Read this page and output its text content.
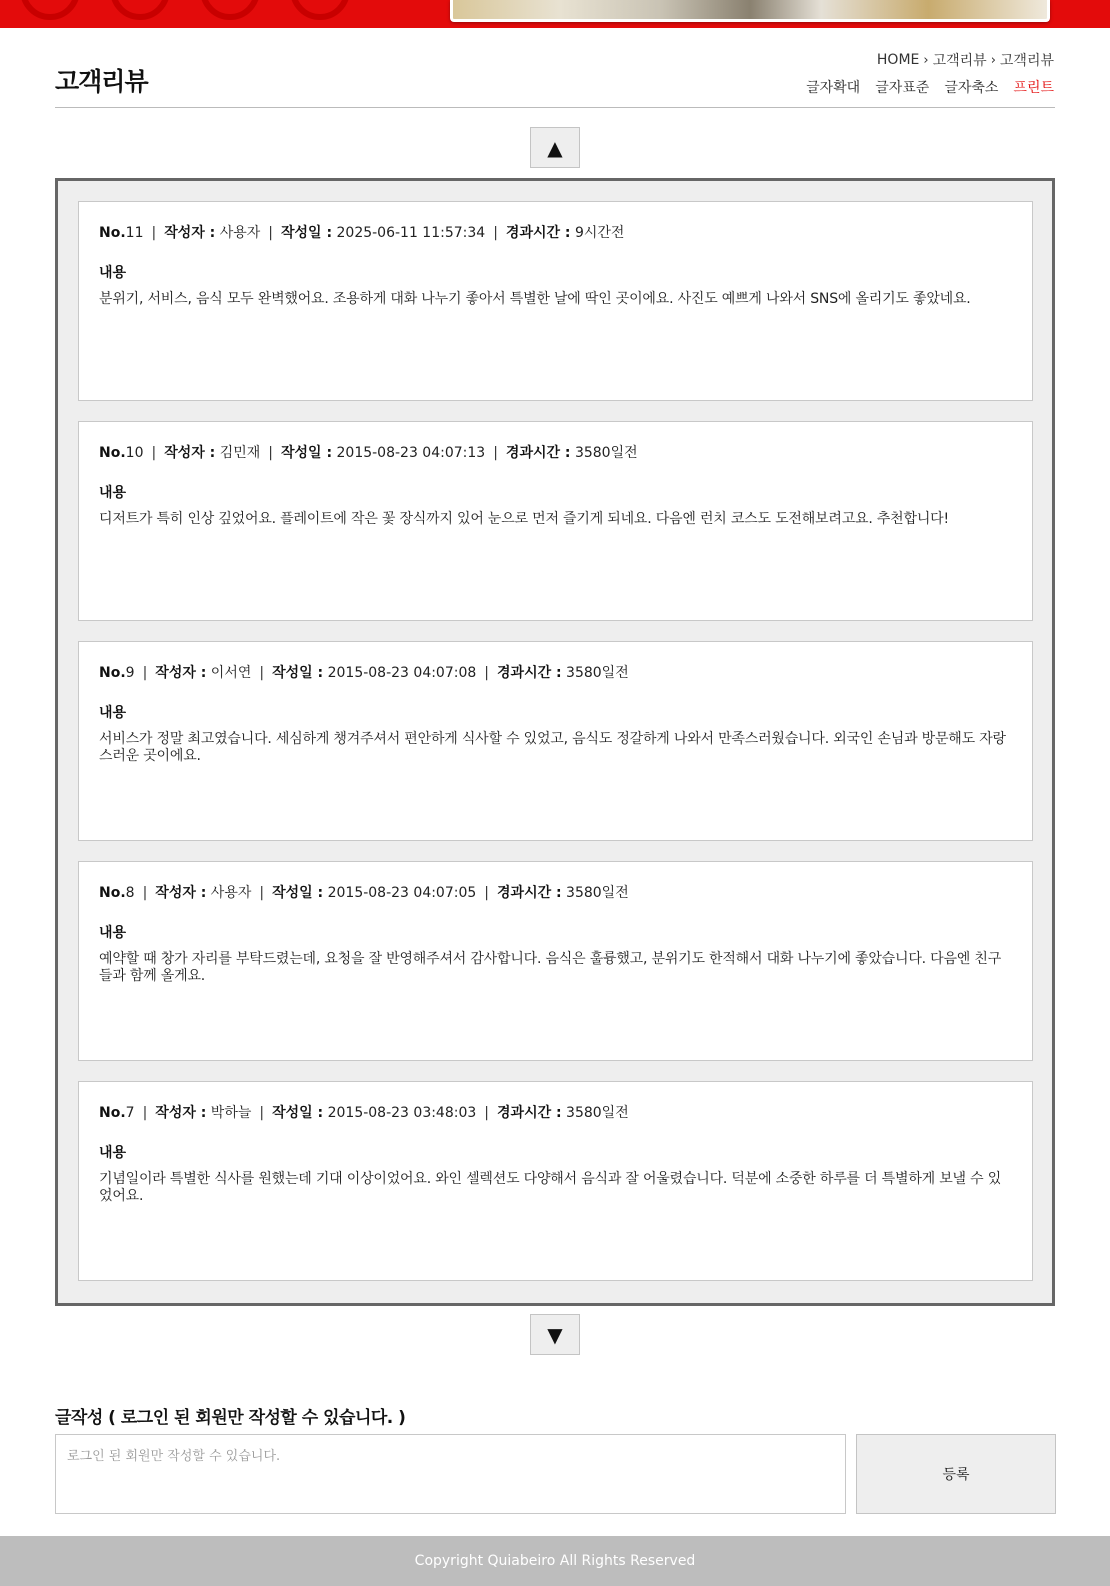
고객리뷰
HOME › 고객리뷰 › 고객리뷰
글자확대 글자표준 글자축소 프린트
▲
No.11 | 작성자 : 사용자 | 작성일 : 2025-06-11 11:57:34 | 경과시간 : 9시간전
내용
분위기, 서비스, 음식 모두 완벽했어요. 조용하게 대화 나누기 좋아서 특별한 날에 딱인 곳이에요. 사진도 예쁘게 나와서 SNS에 올리기도 좋았네요.
No.10 | 작성자 : 김민재 | 작성일 : 2015-08-23 04:07:13 | 경과시간 : 3580일전
내용
디저트가 특히 인상 깊었어요. 플레이트에 작은 꽃 장식까지 있어 눈으로 먼저 즐기게 되네요. 다음엔 런치 코스도 도전해보려고요. 추천합니다!
No.9 | 작성자 : 이서연 | 작성일 : 2015-08-23 04:07:08 | 경과시간 : 3580일전
내용
서비스가 정말 최고였습니다. 세심하게 챙겨주셔서 편안하게 식사할 수 있었고, 음식도 정갈하게 나와서 만족스러웠습니다. 외국인 손님과 방문해도 자랑스러운 곳이에요.
No.8 | 작성자 : 사용자 | 작성일 : 2015-08-23 04:07:05 | 경과시간 : 3580일전
내용
예약할 때 창가 자리를 부탁드렸는데, 요청을 잘 반영해주셔서 감사합니다. 음식은 훌륭했고, 분위기도 한적해서 대화 나누기에 좋았습니다. 다음엔 친구들과 함께 올게요.
No.7 | 작성자 : 박하늘 | 작성일 : 2015-08-23 03:48:03 | 경과시간 : 3580일전
내용
기념일이라 특별한 식사를 원했는데 기대 이상이었어요. 와인 셀렉션도 다양해서 음식과 잘 어울렸습니다. 덕분에 소중한 하루를 더 특별하게 보낼 수 있었어요.
▼
글작성 ( 로그인 된 회원만 작성할 수 있습니다. )
로그인 된 회원만 작성할 수 있습니다.
등록
Copyright Quiabeiro All Rights Reserved
